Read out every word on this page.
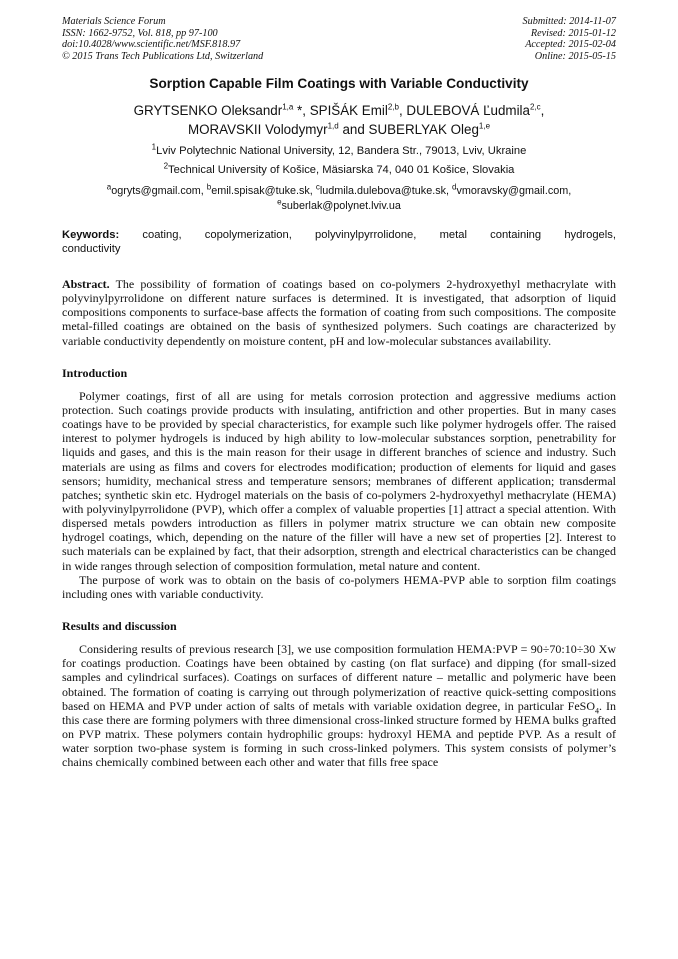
Materials Science Forum
ISSN: 1662-9752, Vol. 818, pp 97-100
doi:10.4028/www.scientific.net/MSF.818.97
© 2015 Trans Tech Publications Ltd, Switzerland
Submitted: 2014-11-07
Revised: 2015-01-12
Accepted: 2015-02-04
Online: 2015-05-15
Sorption Capable Film Coatings with Variable Conductivity
GRYTSENKO Oleksandr$^{1,a}$ *, SPIŠÁK Emil$^{2,b}$, DULEBOVÁ Ľudmila$^{2,c}$,
MORAVSKII Volodymyr$^{1,d}$ and SUBERLYAK Oleg$^{1,e}$
$^1$Lviv Polytechnic National University, 12, Bandera Str., 79013, Lviv, Ukraine
$^2$Technical University of Košice, Mäsiarska 74, 040 01 Košice, Slovakia
$^a$ogryts@gmail.com, $^b$emil.spisak@tuke.sk, $^c$ludmila.dulebova@tuke.sk, $^d$vmoravsky@gmail.com,
$^e$suberlak@polynet.lviv.ua
Keywords: coating, copolymerization, polyvinylpyrrolidone, metal containing hydrogels,
conductivity
Abstract. The possibility of formation of coatings based on co-polymers 2-hydroxyethyl methacrylate with polyvinylpyrrolidone on different nature surfaces is determined. It is investigated, that adsorption of liquid compositions components to surface-base affects the formation of coating from such compositions. The composite metal-filled coatings are obtained on the basis of synthesized polymers. Such coatings are characterized by variable conductivity dependently on moisture content, pH and low-molecular substances availability.
Introduction
Polymer coatings, first of all are using for metals corrosion protection and aggressive mediums action protection. Such coatings provide products with insulating, antifriction and other properties. But in many cases coatings have to be provided by special characteristics, for example such like polymer hydrogels offer. The raised interest to polymer hydrogels is induced by high ability to low-molecular substances sorption, penetrability for liquids and gases, and this is the main reason for their usage in different branches of science and industry. Such materials are using as films and covers for electrodes modification; production of elements for liquid and gases sensors; humidity, mechanical stress and temperature sensors; membranes of different application; transdermal patches; synthetic skin etc. Hydrogel materials on the basis of co-polymers 2-hydroxyethyl methacrylate (HEMA) with polyvinylpyrrolidone (PVP), which offer a complex of valuable properties [1] attract a special attention. With dispersed metals powders introduction as fillers in polymer matrix structure we can obtain new composite hydrogel coatings, which, depending on the nature of the filler will have a new set of properties [2]. Interest to such materials can be explained by fact, that their adsorption, strength and electrical characteristics can be changed in wide ranges through selection of composition formulation, metal nature and content.
The purpose of work was to obtain on the basis of co-polymers HEMA-PVP able to sorption film coatings including ones with variable conductivity.
Results and discussion
Considering results of previous research [3], we use composition formulation HEMA:PVP = 90÷70:10÷30 Xw for coatings production. Coatings have been obtained by casting (on flat surface) and dipping (for small-sized samples and cylindrical surfaces). Coatings on surfaces of different nature – metallic and polymeric have been obtained. The formation of coating is carrying out through polymerization of reactive quick-setting compositions based on HEMA and PVP under action of salts of metals with variable oxidation degree, in particular FeSO$_4$. In this case there are forming polymers with three dimensional cross-linked structure formed by HEMA bulks grafted on PVP matrix. These polymers contain hydrophilic groups: hydroxyl HEMA and peptide PVP. As a result of water sorption two-phase system is forming in such cross-linked polymers. This system consists of polymer’s chains chemically combined between each other and water that fills free space
